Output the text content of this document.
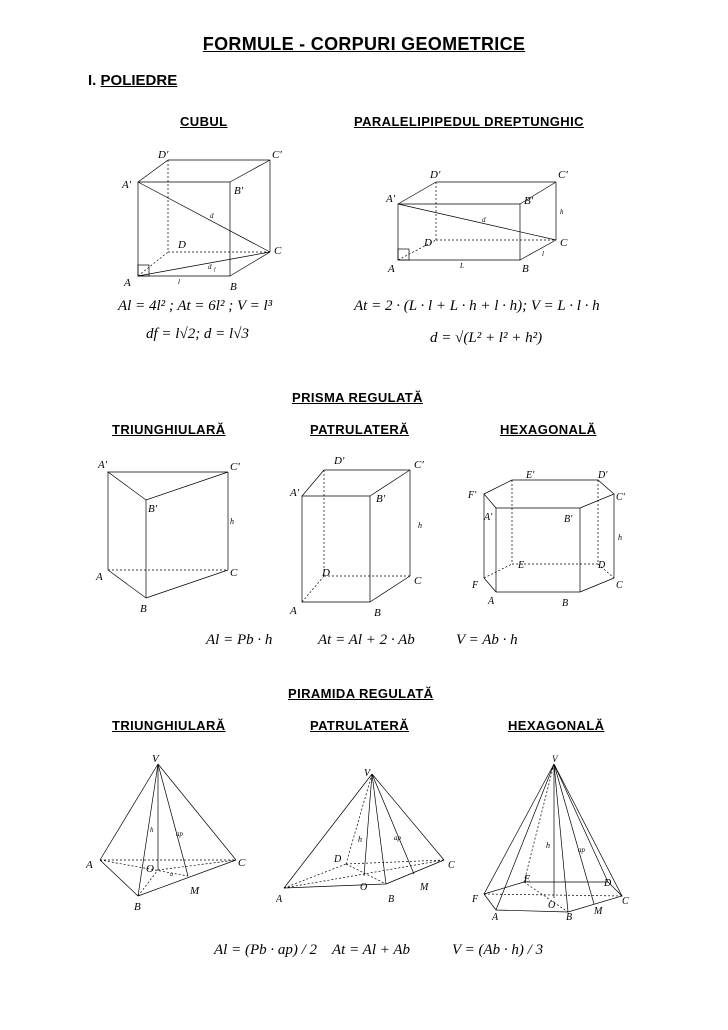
FORMULE - CORPURI GEOMETRICE
I. POLIEDRE
CUBUL	PARALELIPIPEDUL DREPTUNGHIC
D'	C'
A'	B'
D	C
A	B
d
d f
l
D'	C'
A'	B'
D	C
A	B
d
h
l
L
Al = 4l² ; At = 6l² ; V = l³
df = l√2; d = l√3
At = 2 · (L · l + L · h + l · h); V = L · l · h
d = √(L² + l² + h²)
PRISMA REGULATĂ
TRIUNGHIULARĂ	PATRULATERĂ	HEXAGONALĂ
A'	C'
B'
h
A	C
B
D'	C'
A'	B'
h
D
C
A	B
E'	D'
F'	C'
A'	B'
h
E	D
F	C
A	B
Al = Pb · h	At = Al + 2 · Ab	V = Ab · h
PIRAMIDA REGULATĂ
TRIUNGHIULARĂ	PATRULATERĂ	HEXAGONALĂ
V
h	ap
A	O	C
a
M
B
V
h	ap
D
C
O	M
A	B
V
h	ap
E	D
F
O
M
C
A	B
Al = (Pb · ap) / 2 At = Al + Ab	V = (Ab · h) / 3
